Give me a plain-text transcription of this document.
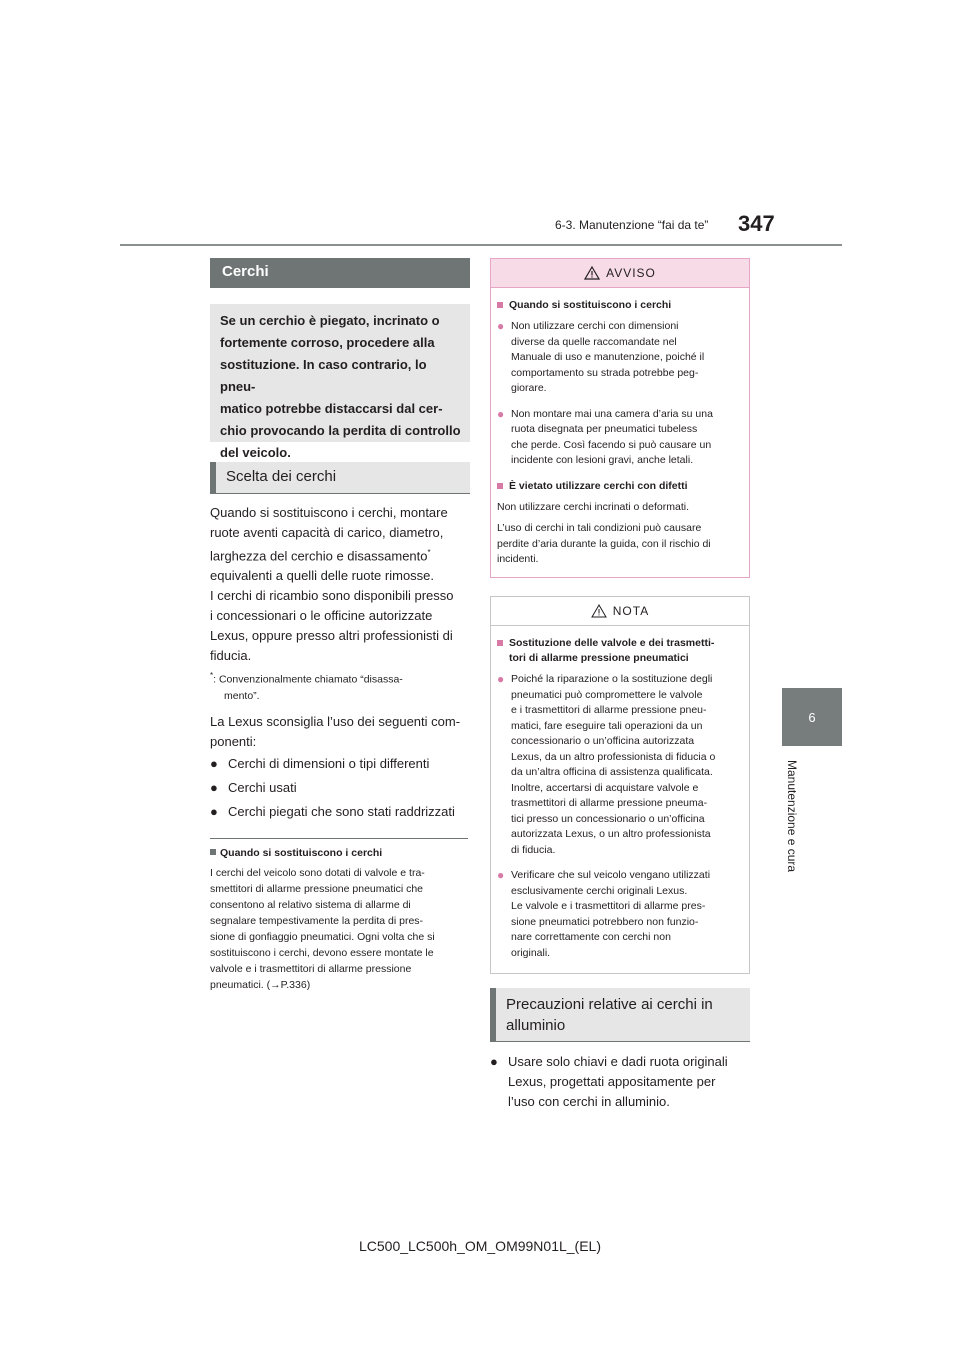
6-3. Manutenzione “fai da te” 347
6
Manutenzione e cura
Cerchi
Se un cerchio è piegato, incrinato o
fortemente corroso, procedere alla
sostituzione. In caso contrario, lo pneu-
matico potrebbe distaccarsi dal cer-
chio provocando la perdita di controllo
del veicolo.
Scelta dei cerchi
Quando si sostituiscono i cerchi, montare
ruote aventi capacità di carico, diametro,
larghezza del cerchio e disassamento*
equivalenti a quelli delle ruote rimosse.
I cerchi di ricambio sono disponibili presso
i concessionari o le officine autorizzate
Lexus, oppure presso altri professionisti di
fiducia.
*: Convenzionalmente chiamato “disassa-
mento”.
La Lexus sconsiglia l’uso dei seguenti com-
ponenti:
● Cerchi di dimensioni o tipi differenti
● Cerchi usati
● Cerchi piegati che sono stati raddrizzati
Quando si sostituiscono i cerchi
I cerchi del veicolo sono dotati di valvole e tra-
smettitori di allarme pressione pneumatici che
consentono al relativo sistema di allarme di
segnalare tempestivamente la perdita di pres-
sione di gonfiaggio pneumatici. Ogni volta che si
sostituiscono i cerchi, devono essere montate le
valvole e i trasmettitori di allarme pressione
pneumatici. (→P.336)
AVVISO
Quando si sostituiscono i cerchi
● Non utilizzare cerchi con dimensioni
diverse da quelle raccomandate nel
Manuale di uso e manutenzione, poiché il
comportamento su strada potrebbe peg-
giorare.
● Non montare mai una camera d’aria su una
ruota disegnata per pneumatici tubeless
che perde. Così facendo si può causare un
incidente con lesioni gravi, anche letali.
È vietato utilizzare cerchi con difetti
Non utilizzare cerchi incrinati o deformati.
L’uso di cerchi in tali condizioni può causare
perdite d’aria durante la guida, con il rischio di
incidenti.
NOTA
Sostituzione delle valvole e dei trasmetti-
tori di allarme pressione pneumatici
● Poiché la riparazione o la sostituzione degli
pneumatici può compromettere le valvole
e i trasmettitori di allarme pressione pneu-
matici, fare eseguire tali operazioni da un
concessionario o un’officina autorizzata
Lexus, da un altro professionista di fiducia o
da un’altra officina di assistenza qualificata.
Inoltre, accertarsi di acquistare valvole e
trasmettitori di allarme pressione pneuma-
tici presso un concessionario o un’officina
autorizzata Lexus, o un altro professionista
di fiducia.
● Verificare che sul veicolo vengano utilizzati
esclusivamente cerchi originali Lexus.
Le valvole e i trasmettitori di allarme pres-
sione pneumatici potrebbero non funzio-
nare correttamente con cerchi non
originali.
Precauzioni relative ai cerchi in
alluminio
● Usare solo chiavi e dadi ruota originali
Lexus, progettati appositamente per
l’uso con cerchi in alluminio.
LC500_LC500h_OM_OM99N01L_(EL)
